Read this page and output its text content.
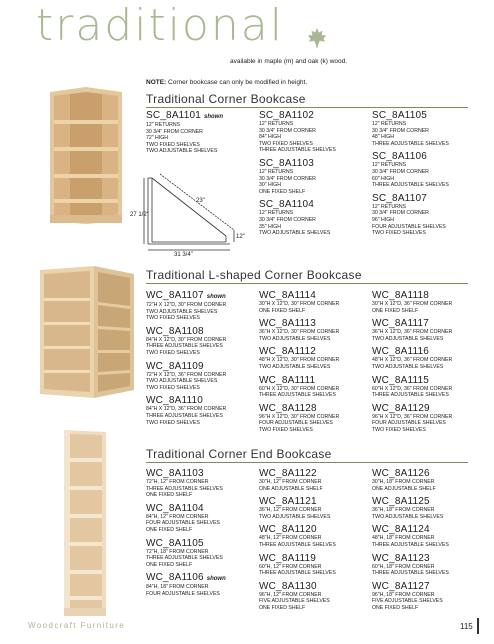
traditional
available in maple (m) and oak (k) wood.
NOTE: Corner bookcase can only be modified in height.
Traditional Corner Bookcase
23"
27 1/2"
12"
31 3/4"
SC_8A1101 shown
12" RETURNS
30 3/4" FROM CORNER
72" HIGH
TWO FIXED SHELVES
TWO ADJUSTABLE SHELVES
SC_8A1102
12" RETURNS
30 3/4" FROM CORNER
84" HIGH
TWO FIXED SHELVES
THREE ADJUSTABLE SHELVES
SC_8A1103
12" RETURNS
30 3/4" FROM CORNER
30" HIGH
ONE FIXED SHELF
SC_8A1104
12" RETURNS
30 3/4" FROM CORNER
35" HIGH
TWO ADJUSTABLE SHELVES
SC_8A1105
12" RETURNS
30 3/4" FROM CORNER
48" HIGH
THREE ADJUSTABLE SHELVES
SC_8A1106
12" RETURNS
30 3/4" FROM CORNER
60" HIGH
THREE ADJUSTABLE SHELVES
SC_8A1107
12" RETURNS
30 3/4" FROM CORNER
96" HIGH
FOUR ADJUSTABLE SHELVES
TWO FIXED SHELVES
Traditional L-shaped Corner Bookcase
WC_8A1107 shown
72"H X 12"D, 30" FROM CORNER
TWO ADJUSTABLE SHELVES
TWO FIXED SHELVES
WC_8A1108
84"H X 12"D, 30" FROM CORNER
THREE ADJUSTABLE SHELVES
TWO FIXED SHELVES
WC_8A1109
72"H X 12"D, 36" FROM CORNER
TWO ADJUSTABLE SHELVES
TWO FIXED SHELVES
WC_8A1110
84"H X 12"D, 36" FROM CORNER
THREE ADJUSTABLE SHELVES
TWO FIXED SHELVES
WC_8A1114
30"H X 12"D, 30" FROM CORNER
ONE FIXED SHELF
WC_8A1113
36"H X 12"D, 30" FROM CORNER
TWO ADJUSTABLE SHELVES
WC_8A1112
48"H X 12"D, 30" FROM CORNER
TWO ADJUSTABLE SHELVES
WC_8A1111
60"H X 12"D, 30" FROM CORNER
THREE ADJUSTABLE SHELVES
WC_8A1128
96"H X 12"D, 30" FROM CORNER
FOUR ADJUSTABLE SHELVES
TWO FIXED SHELVES
WC_8A1118
30"H X 12"D, 36" FROM CORNER
ONE FIXED SHELF
WC_8A1117
36"H X 12"D, 36" FROM CORNER
TWO ADJUSTABLE SHELVES
WC_8A1116
48"H X 12"D, 36" FROM CORNER
TWO ADJUSTABLE SHELVES
WC_8A1115
60"H X 12"D, 36" FROM CORNER
THREE ADJUSTABLE SHELVES
WC_8A1129
96"H X 12"D, 36" FROM CORNER
FOUR ADJUSTABLE SHELVES
TWO FIXED SHELVES
Traditional Corner End Bookcase
WC_8A1103
72"H, 12" FROM CORNER
THREE ADJUSTABLE SHELVES
ONE FIXED SHELF
WC_8A1104
84"H, 12" FROM CORNER
FOUR ADJUSTABLE SHELVES
ONE FIXED SHELF
WC_8A1105
72"H, 18" FROM CORNER
THREE ADJUSTABLE SHELVES
ONE FIXED SHELF
WC_8A1106 shown
84"H, 18" FROM CORNER
FOUR ADJUSTABLE SHELVES
WC_8A1122
30"H, 12" FROM CORNER
ONE ADJUSTABLE SHELF
WC_8A1121
36"H, 12" FROM CORNER
TWO ADJUSTABLE SHELVES
WC_8A1120
48"H, 12" FROM CORNER
THREE ADJUSTABLE SHELVES
WC_8A1119
60"H, 12" FROM CORNER
THREE ADJUSTABLE SHELVES
WC_8A1130
96"H, 12" FROM CORNER
FIVE ADJUSTABLE SHELVES
ONE FIXED SHELF
WC_8A1126
30"H, 18" FROM CORNER
ONE ADJUSTABLE SHELF
WC_8A1125
36"H, 18" FROM CORNER
TWO ADJUSTABLE SHELVES
WC_8A1124
48"H, 18" FROM CORNER
THREE ADJUSTABLE SHELVES
WC_8A1123
60"H, 18" FROM CORNER
THREE ADJUSTABLE SHELVES
WC_8A1127
96"H, 18" FROM CORNER
FIVE ADJUSTABLE SHELVES
ONE FIXED SHELF
Woodcraft Furniture	115
